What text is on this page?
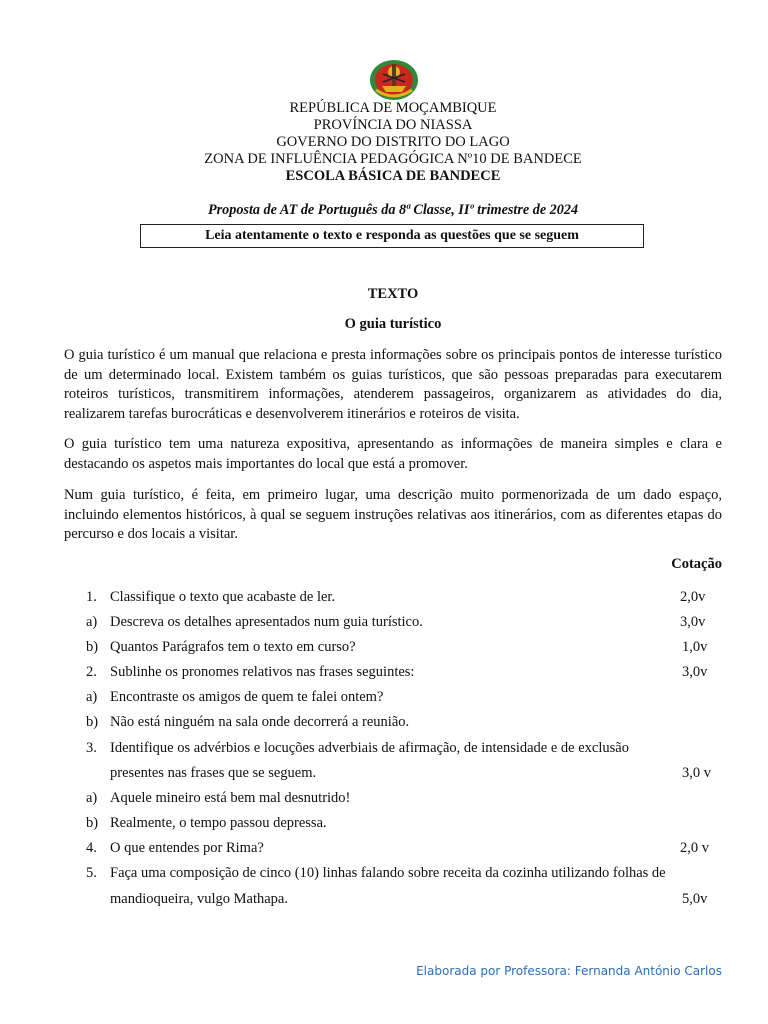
REPÚBLICA DE MOÇAMBIQUE
PROVÍNCIA DO NIASSA
GOVERNO DO DISTRITO DO LAGO
ZONA DE INFLUÊNCIA PEDAGÓGICA Nº10 DE BANDECE
ESCOLA BÁSICA DE BANDECE
Proposta de AT de Português da 8ª Classe, IIº trimestre de 2024
Leia atentamente o texto e responda as questões que se seguem
TEXTO
O guia turístico

O guia turístico é um manual que relaciona e presta informações sobre os principais pontos de interesse turístico de um determinado local. Existem também os guias turísticos, que são pessoas preparadas para executarem roteiros turísticos, transmitirem informações, atenderem passageiros, organizarem as atividades do dia, realizarem tarefas burocráticas e desenvolverem itinerários e roteiros de visita.

O guia turístico tem uma natureza expositiva, apresentando as informações de maneira simples e clara e destacando os aspetos mais importantes do local que está a promover.

Num guia turístico, é feita, em primeiro lugar, uma descrição muito pormenorizada de um dado espaço, incluindo elementos históricos, à qual se seguem instruções relativas aos itinerários, com as diferentes etapas do percurso e dos locais a visitar.

Cotação
1. Classifique o texto que acabaste de ler.	2,0v
a) Descreva os detalhes apresentados num guia turístico.	3,0v
b) Quantos Parágrafos tem o texto em curso?	1,0v
2. Sublinhe os pronomes relativos nas frases seguintes:	3,0v
a) Encontraste os amigos de quem te falei ontem?
b) Não está ninguém na sala onde decorrerá a reunião.
3. Identifique os advérbios e locuções adverbiais de afirmação, de intensidade e de exclusão
presentes nas frases que se seguem.	3,0 v
a) Aquele mineiro está bem mal desnutrido!
b) Realmente, o tempo passou depressa.
4. O que entendes por Rima?	2,0 v
5. Faça uma composição de cinco (10) linhas falando sobre receita da cozinha utilizando folhas de
mandioqueira, vulgo Mathapa.	5,0v
Elaborada por Professora: Fernanda António Carlos
